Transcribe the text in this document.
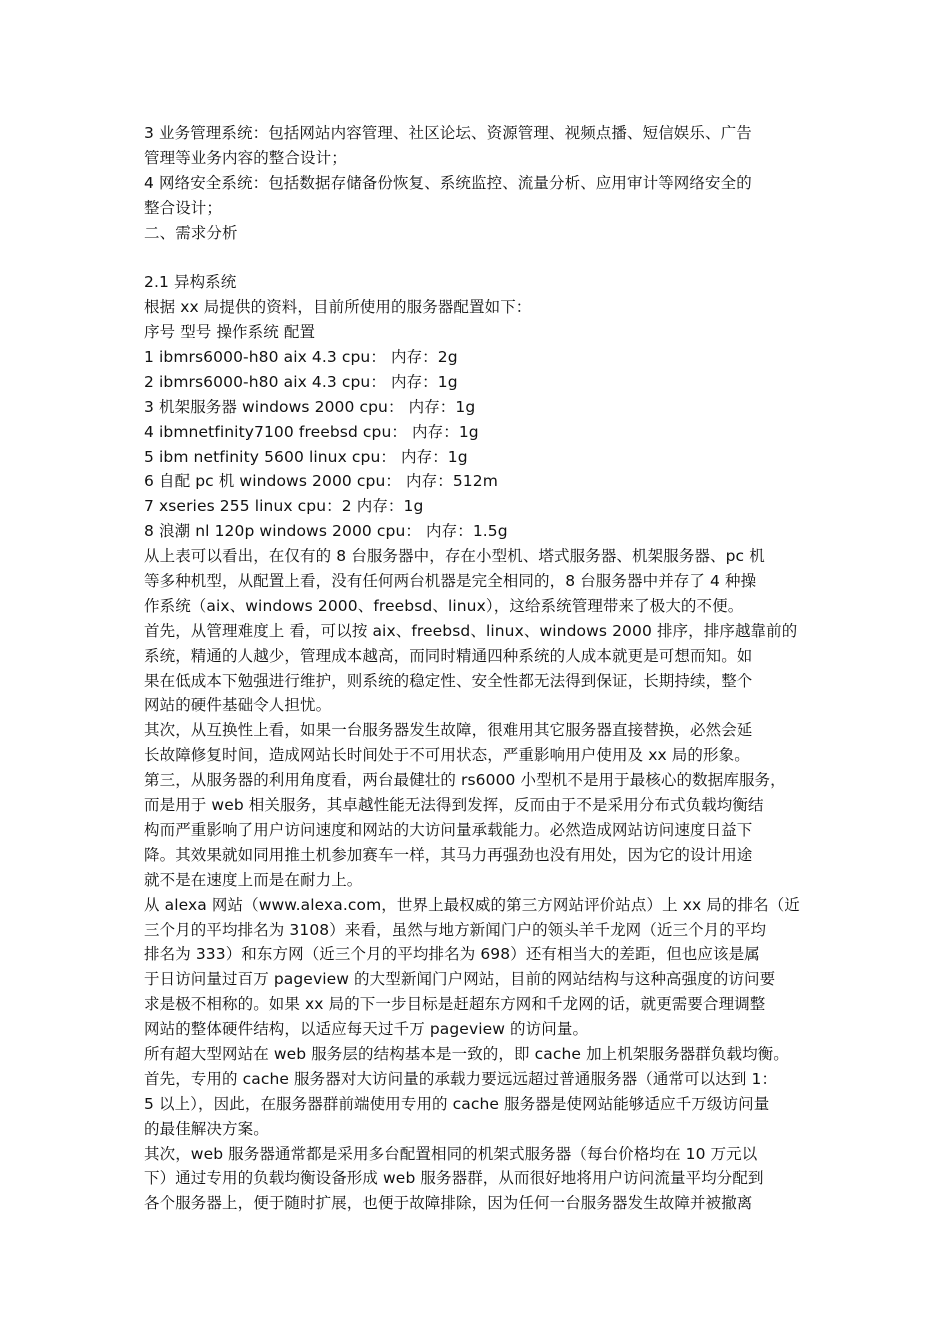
3 业务管理系统：包括网站内容管理、社区论坛、资源管理、视频点播、短信娱乐、广告
管理等业务内容的整合设计；
4 网络安全系统：包括数据存储备份恢复、系统监控、流量分析、应用审计等网络安全的
整合设计；
二、需求分析
2.1 异构系统
根据 xx 局提供的资料，目前所使用的服务器配置如下：
序号 型号 操作系统 配置
1 ibmrs6000-h80 aix 4.3 cpu： 内存：2g
2 ibmrs6000-h80 aix 4.3 cpu： 内存：1g
3 机架服务器 windows 2000 cpu： 内存：1g
4 ibmnetfinity7100 freebsd cpu： 内存：1g
5 ibm netfinity 5600 linux cpu： 内存：1g
6 自配 pc 机 windows 2000 cpu： 内存：512m
7 xseries 255 linux cpu：2 内存：1g
8 浪潮 nl 120p windows 2000 cpu： 内存：1.5g
从上表可以看出，在仅有的 8 台服务器中，存在小型机、塔式服务器、机架服务器、pc 机
等多种机型，从配置上看，没有任何两台机器是完全相同的，8 台服务器中并存了 4 种操
作系统（aix、windows 2000、freebsd、linux），这给系统管理带来了极大的不便。
首先，从管理难度上 看，可以按 aix、freebsd、linux、windows 2000 排序，排序越靠前的
系统，精通的人越少，管理成本越高，而同时精通四种系统的人成本就更是可想而知。如
果在低成本下勉强进行维护，则系统的稳定性、安全性都无法得到保证，长期持续，整个
网站的硬件基础令人担忧。
其次，从互换性上看，如果一台服务器发生故障，很难用其它服务器直接替换，必然会延
长故障修复时间，造成网站长时间处于不可用状态，严重影响用户使用及 xx 局的形象。
第三，从服务器的利用角度看，两台最健壮的 rs6000 小型机不是用于最核心的数据库服务，
而是用于 web 相关服务，其卓越性能无法得到发挥，反而由于不是采用分布式负载均衡结
构而严重影响了用户访问速度和网站的大访问量承载能力。必然造成网站访问速度日益下
降。其效果就如同用推土机参加赛车一样，其马力再强劲也没有用处，因为它的设计用途
就不是在速度上而是在耐力上。
从 alexa 网站（www.alexa.com，世界上最权威的第三方网站评价站点）上 xx 局的排名（近
三个月的平均排名为 3108）来看，虽然与地方新闻门户的领头羊千龙网（近三个月的平均
排名为 333）和东方网（近三个月的平均排名为 698）还有相当大的差距，但也应该是属
于日访问量过百万 pageview 的大型新闻门户网站，目前的网站结构与这种高强度的访问要
求是极不相称的。如果 xx 局的下一步目标是赶超东方网和千龙网的话，就更需要合理调整
网站的整体硬件结构，以适应每天过千万 pageview 的访问量。
所有超大型网站在 web 服务层的结构基本是一致的，即 cache 加上机架服务器群负载均衡。
首先，专用的 cache 服务器对大访问量的承载力要远远超过普通服务器（通常可以达到 1：
5 以上），因此，在服务器群前端使用专用的 cache 服务器是使网站能够适应千万级访问量
的最佳解决方案。
其次，web 服务器通常都是采用多台配置相同的机架式服务器（每台价格均在 10 万元以
下）通过专用的负载均衡设备形成 web 服务器群，从而很好地将用户访问流量平均分配到
各个服务器上，便于随时扩展，也便于故障排除，因为任何一台服务器发生故障并被撤离
